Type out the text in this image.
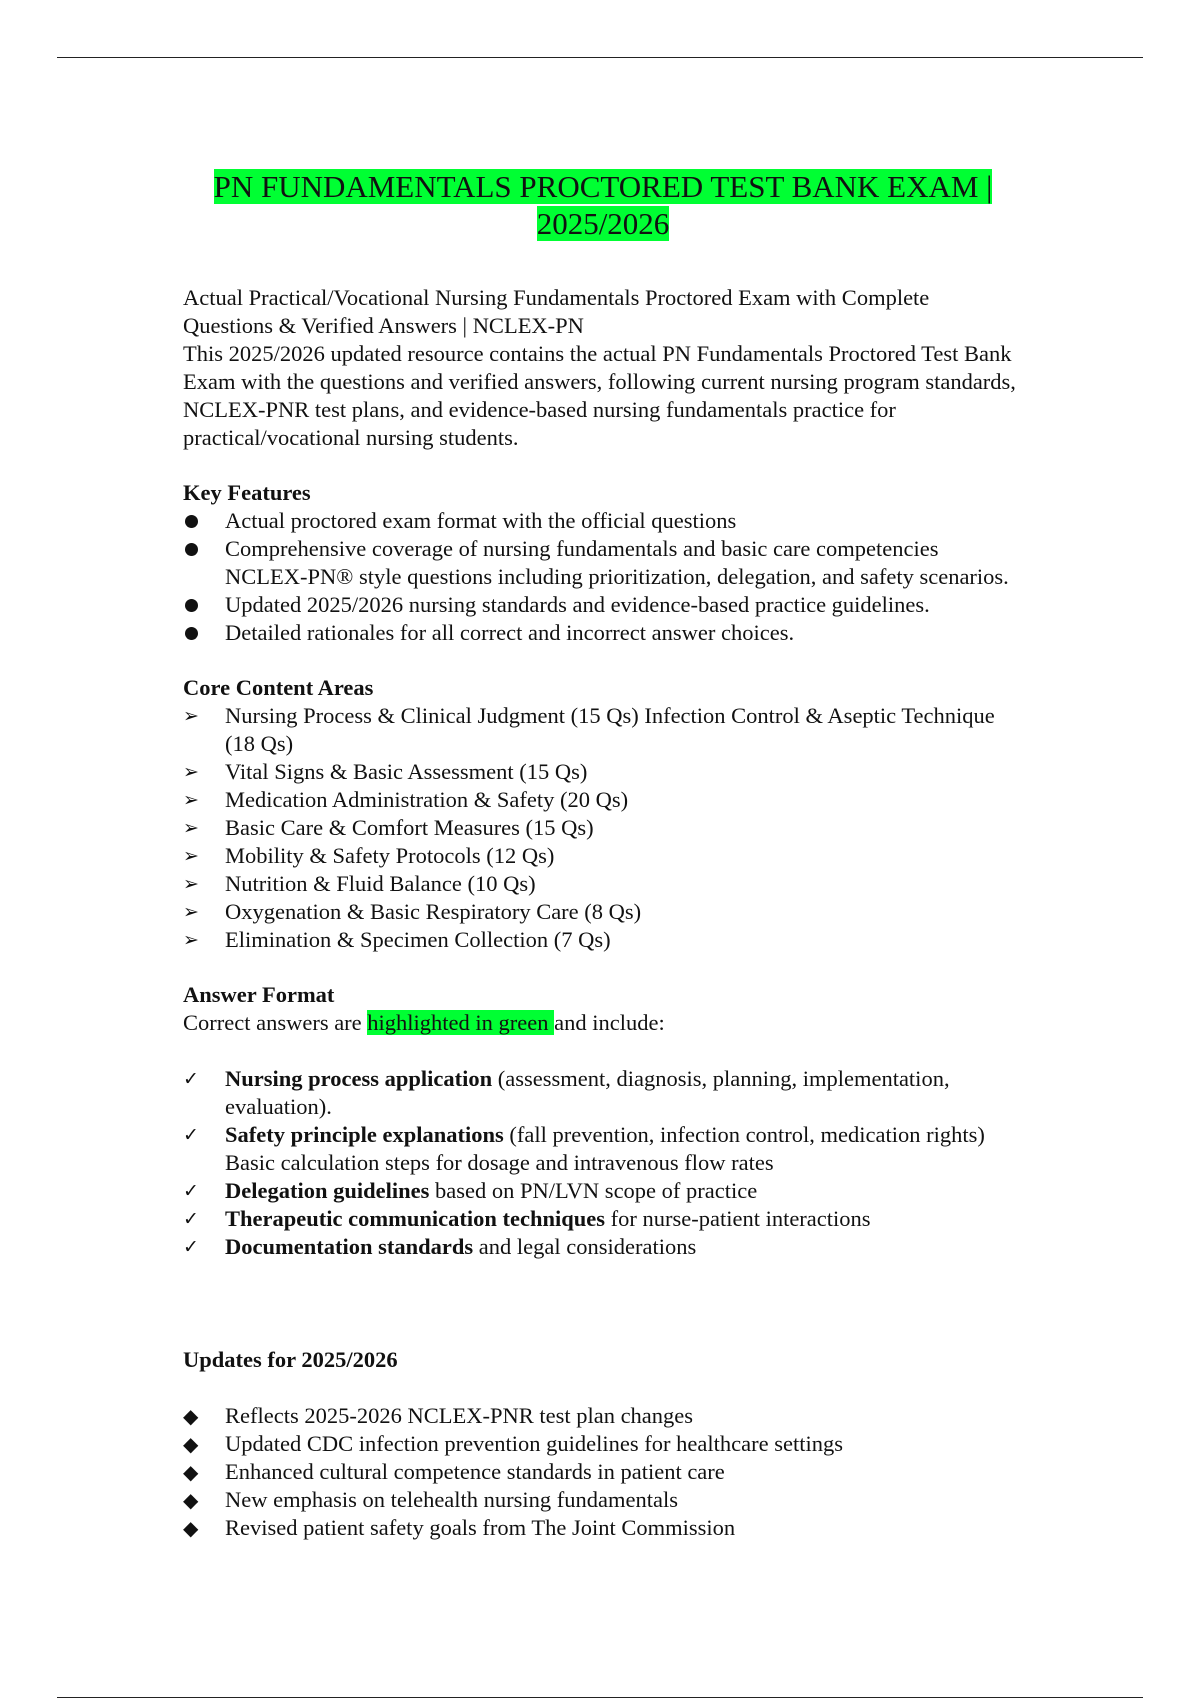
PN FUNDAMENTALS PROCTORED TEST BANK EXAM |
2025/2026

Actual Practical/Vocational Nursing Fundamentals Proctored Exam with Complete Questions & Verified Answers | NCLEX-PN

This 2025/2026 updated resource contains the actual PN Fundamentals Proctored Test Bank Exam with the questions and verified answers, following current nursing program standards, NCLEX-PNR test plans, and evidence-based nursing fundamentals practice for practical/vocational nursing students.

Key Features
Actual proctored exam format with the official questions
Comprehensive coverage of nursing fundamentals and basic care competencies NCLEX-PN® style questions including prioritization, delegation, and safety scenarios.
Updated 2025/2026 nursing standards and evidence-based practice guidelines.
Detailed rationales for all correct and incorrect answer choices.
Core Content Areas
➢	Nursing Process & Clinical Judgment (15 Qs) Infection Control & Aseptic Technique (18 Qs)
➢	Vital Signs & Basic Assessment (15 Qs)
➢	Medication Administration & Safety (20 Qs)
➢	Basic Care & Comfort Measures (15 Qs)
➢	Mobility & Safety Protocols (12 Qs)
➢	Nutrition & Fluid Balance (10 Qs)
➢	Oxygenation & Basic Respiratory Care (8 Qs)
➢	Elimination & Specimen Collection (7 Qs)
Answer Format
Correct answers are highlighted in green and include:
✓	Nursing process application (assessment, diagnosis, planning, implementation, evaluation).
✓	Safety principle explanations (fall prevention, infection control, medication rights) Basic calculation steps for dosage and intravenous flow rates
✓	Delegation guidelines based on PN/LVN scope of practice
✓	Therapeutic communication techniques for nurse-patient interactions
✓	Documentation standards and legal considerations
Updates for 2025/2026
◆	Reflects 2025-2026 NCLEX-PNR test plan changes
◆	Updated CDC infection prevention guidelines for healthcare settings
◆	Enhanced cultural competence standards in patient care
◆	New emphasis on telehealth nursing fundamentals
◆	Revised patient safety goals from The Joint Commission
